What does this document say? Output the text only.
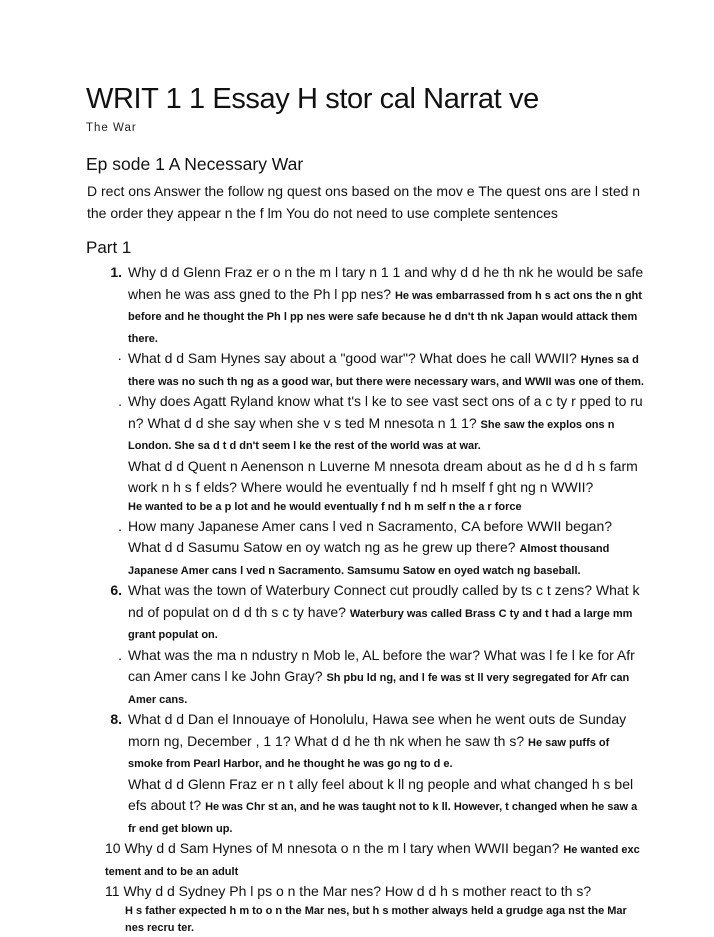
WRIT 1 1 Essay H stor cal Narrat ve
The War
Ep sode 1 A Necessary War
D rect ons Answer the follow ng quest ons based on the mov e The quest ons are l sted n the order they appear n the f lm You do not need to use complete sentences
Part 1
1. Why d d Glenn Fraz er o n the m l tary n 1 1 and why d d he th nk he would be safe when he was ass gned to the Ph l pp nes? He was embarrassed from h s act ons the n ght before and he thought the Ph l pp nes were safe because he d dn't th nk Japan would attack them there.
· What d d Sam Hynes say about a "good war"? What does he call WWII? Hynes sa d there was no such th ng as a good war, but there were necessary wars, and WWII was one of them.
. Why does Agatt Ryland know what t's l ke to see vast sect ons of a c ty r pped to ru n? What d d she say when she v s ted M nnesota n 1 1? She saw the explos ons n London. She sa d t d dn't seem l ke the rest of the world was at war.
What d d Quent n Aenenson n Luverne M nnesota dream about as he d d h s farm work n h s f elds? Where would he eventually f nd h mself f ght ng n WWII?
He wanted to be a p lot and he would eventually f nd h m self n the a r force
. How many Japanese Amer cans l ved n Sacramento, CA before WWII began? What d d Sasumu Satow en oy watch ng as he grew up there? Almost thousand Japanese Amer cans l ved n Sacramento. Samsumu Satow en oyed watch ng baseball.
6. What was the town of Waterbury Connect cut proudly called by ts c t zens? What k nd of populat on d d th s c ty have? Waterbury was called Brass C ty and t had a large mm grant populat on.
. What was the ma n ndustry n Mob le, AL before the war? What was l fe l ke for Afr can Amer cans l ke John Gray? Sh pbu ld ng, and l fe was st ll very segregated for Afr can Amer cans.
8. What d d Dan el Innouaye of Honolulu, Hawa see when he went outs de Sunday morn ng, December , 1 1? What d d he th nk when he saw th s? He saw puffs of smoke from Pearl Harbor, and he thought he was go ng to d e.
What d d Glenn Fraz er n t ally feel about k ll ng people and what changed h s bel efs about t? He was Chr st an, and he was taught not to k ll. However, t changed when he saw a fr end get blown up.
10 Why d d Sam Hynes of M nnesota o n the m l tary when WWII began? He wanted exc tement and to be an adult
11 Why d d Sydney Ph l ps o n the Mar nes? How d d h s mother react to th s?
H s father expected h m to o n the Mar nes, but h s mother always held a grudge aga nst the Mar nes recru ter.
